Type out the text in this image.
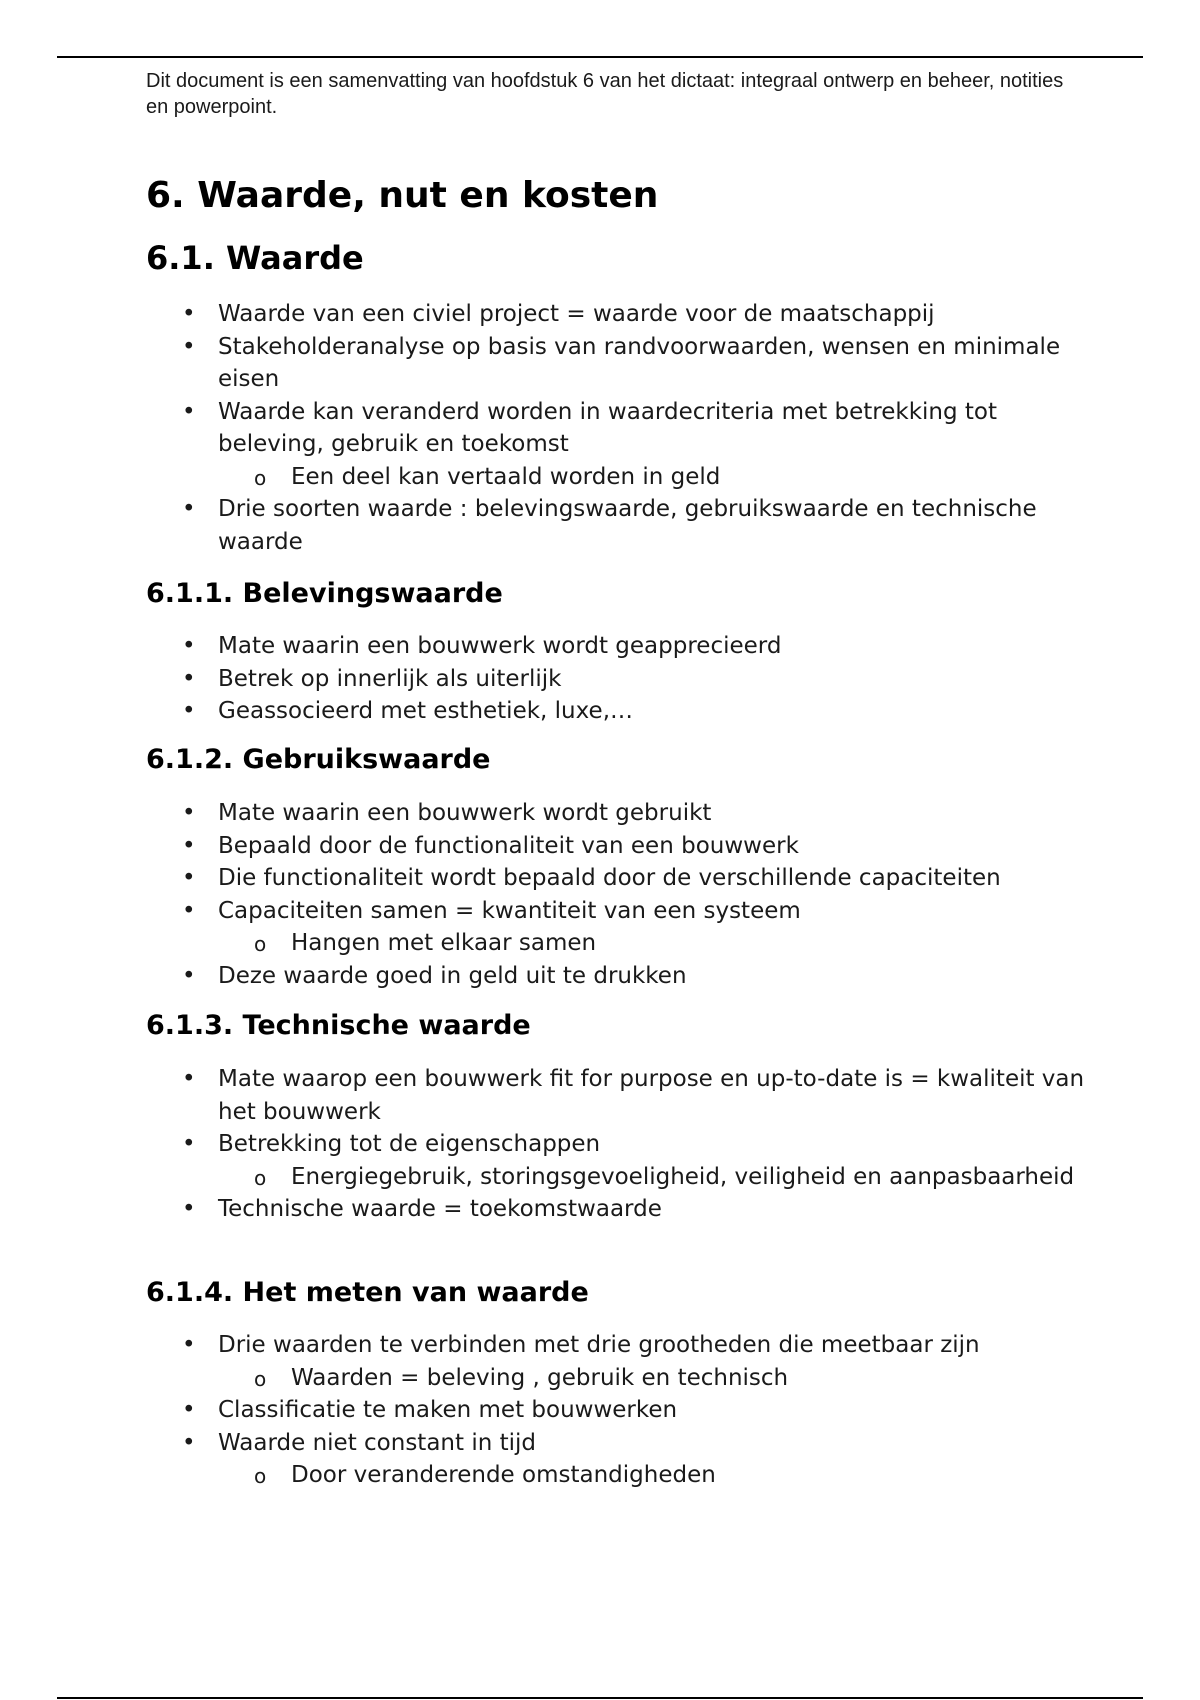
Dit document is een samenvatting van hoofdstuk 6 van het dictaat: integraal ontwerp en beheer, notities en powerpoint.

6. Waarde, nut en kosten
6.1. Waarde
• Waarde van een civiel project = waarde voor de maatschappij
• Stakeholderanalyse op basis van randvoorwaarden, wensen en minimale eisen
• Waarde kan veranderd worden in waardecriteria met betrekking tot beleving, gebruik en toekomst
o Een deel kan vertaald worden in geld
• Drie soorten waarde : belevingswaarde, gebruikswaarde en technische waarde
6.1.1. Belevingswaarde
• Mate waarin een bouwwerk wordt geapprecieerd
• Betrek op innerlijk als uiterlijk
• Geassocieerd met esthetiek, luxe,…
6.1.2. Gebruikswaarde
• Mate waarin een bouwwerk wordt gebruikt
• Bepaald door de functionaliteit van een bouwwerk
• Die functionaliteit wordt bepaald door de verschillende capaciteiten
• Capaciteiten samen = kwantiteit van een systeem
o Hangen met elkaar samen
• Deze waarde goed in geld uit te drukken
6.1.3. Technische waarde
• Mate waarop een bouwwerk fit for purpose en up-to-date is = kwaliteit van het bouwwerk
• Betrekking tot de eigenschappen
o Energiegebruik, storingsgevoeligheid, veiligheid en aanpasbaarheid
• Technische waarde = toekomstwaarde
6.1.4. Het meten van waarde
• Drie waarden te verbinden met drie grootheden die meetbaar zijn
o Waarden = beleving , gebruik en technisch
• Classificatie te maken met bouwwerken
• Waarde niet constant in tijd
o Door veranderende omstandigheden
